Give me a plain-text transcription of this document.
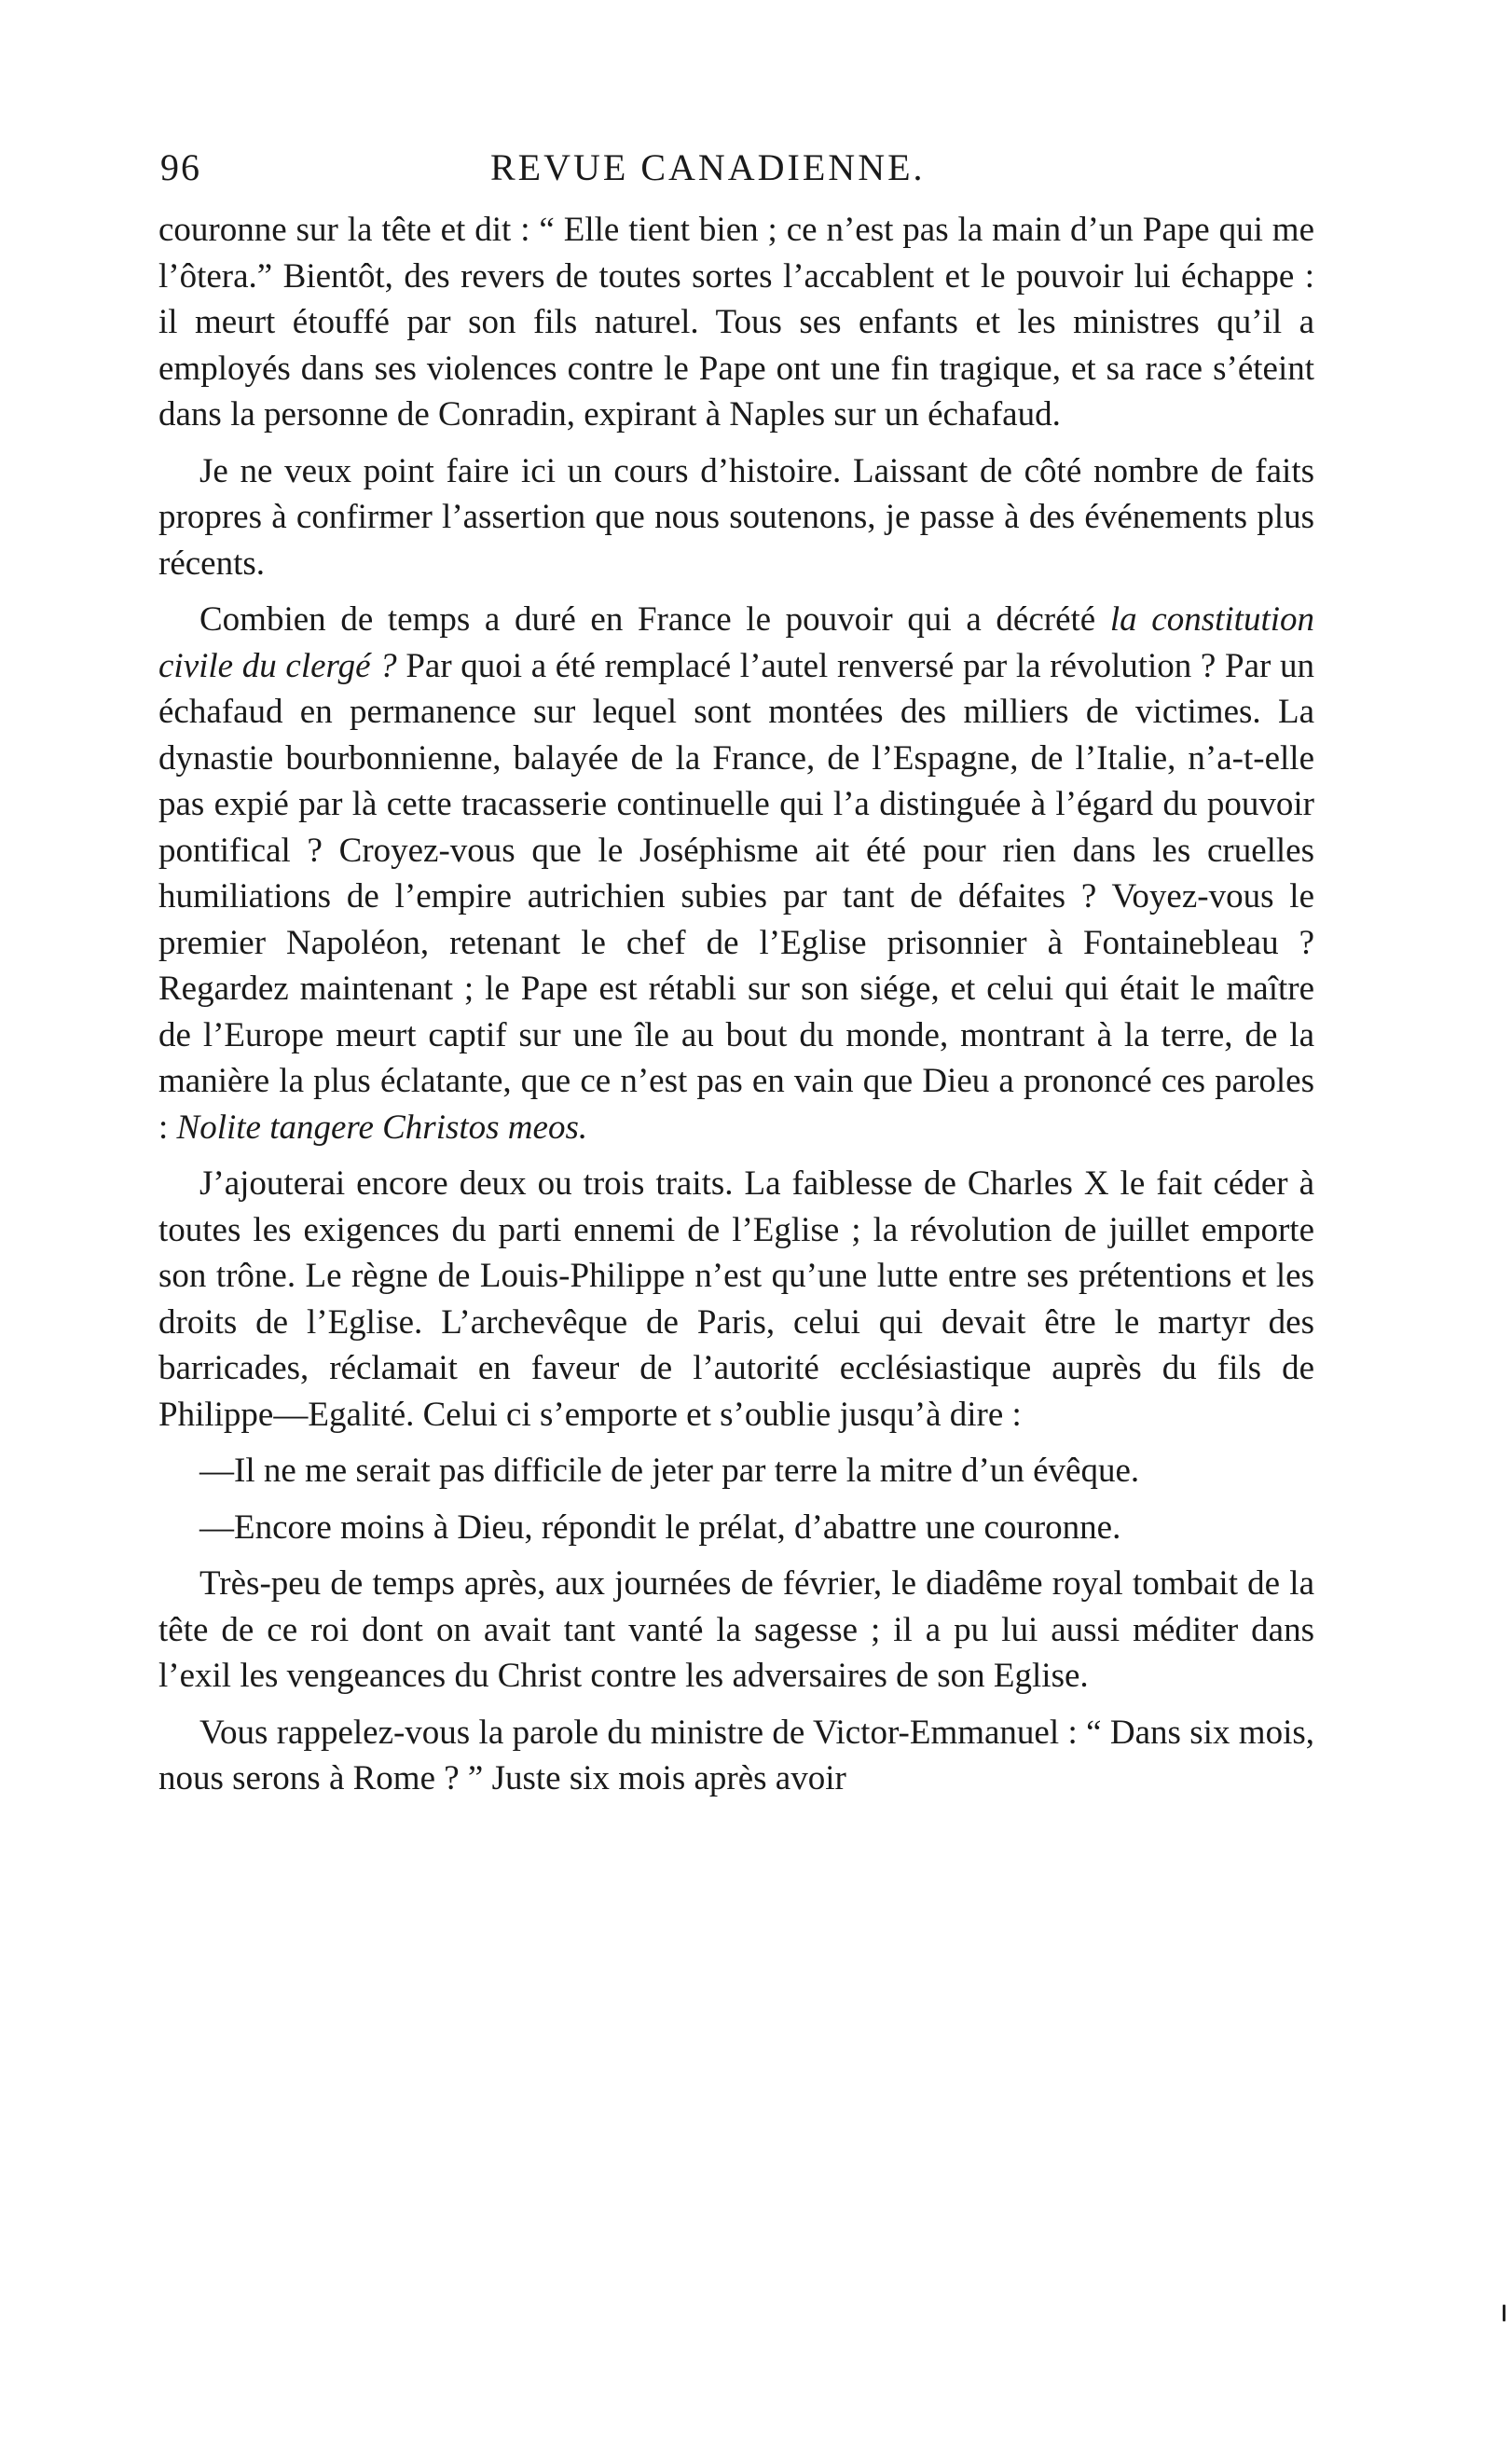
96	REVUE CANADIENNE.

couronne sur la tête et dit : “ Elle tient bien ; ce n’est pas la main d’un Pape qui me l’ôtera.” Bientôt, des revers de toutes sortes l’accablent et le pouvoir lui échappe : il meurt étouffé par son fils naturel. Tous ses enfants et les ministres qu’il a employés dans ses violences contre le Pape ont une fin tragique, et sa race s’éteint dans la personne de Conradin, expirant à Naples sur un échafaud.

Je ne veux point faire ici un cours d’histoire. Laissant de côté nombre de faits propres à confirmer l’assertion que nous soutenons, je passe à des événements plus récents.

Combien de temps a duré en France le pouvoir qui a décrété la constitution civile du clergé ? Par quoi a été remplacé l’autel renversé par la révolution ? Par un échafaud en permanence sur lequel sont montées des milliers de victimes. La dynastie bourbonnienne, balayée de la France, de l’Espagne, de l’Italie, n’a-t-elle pas expié par là cette tracasserie continuelle qui l’a distinguée à l’égard du pouvoir pontifical ? Croyez-vous que le Joséphisme ait été pour rien dans les cruelles humiliations de l’empire autrichien subies par tant de défaites ? Voyez-vous le premier Napoléon, retenant le chef de l’Eglise prisonnier à Fontainebleau ? Regardez maintenant ; le Pape est rétabli sur son siége, et celui qui était le maître de l’Europe meurt captif sur une île au bout du monde, montrant à la terre, de la manière la plus éclatante, que ce n’est pas en vain que Dieu a prononcé ces paroles : Nolite tangere Christos meos.

J’ajouterai encore deux ou trois traits. La faiblesse de Charles X le fait céder à toutes les exigences du parti ennemi de l’Eglise ; la révolution de juillet emporte son trône. Le règne de Louis-Philippe n’est qu’une lutte entre ses prétentions et les droits de l’Eglise. L’archevêque de Paris, celui qui devait être le martyr des barricades, réclamait en faveur de l’autorité ecclésiastique auprès du fils de Philippe—Egalité. Celui ci s’emporte et s’oublie jusqu’à dire :

—Il ne me serait pas difficile de jeter par terre la mitre d’un évêque.

—Encore moins à Dieu, répondit le prélat, d’abattre une couronne.

Très-peu de temps après, aux journées de février, le diadême royal tombait de la tête de ce roi dont on avait tant vanté la sagesse ; il a pu lui aussi méditer dans l’exil les vengeances du Christ contre les adversaires de son Eglise.

Vous rappelez-vous la parole du ministre de Victor-Emmanuel : “ Dans six mois, nous serons à Rome ? ” Juste six mois après avoir
